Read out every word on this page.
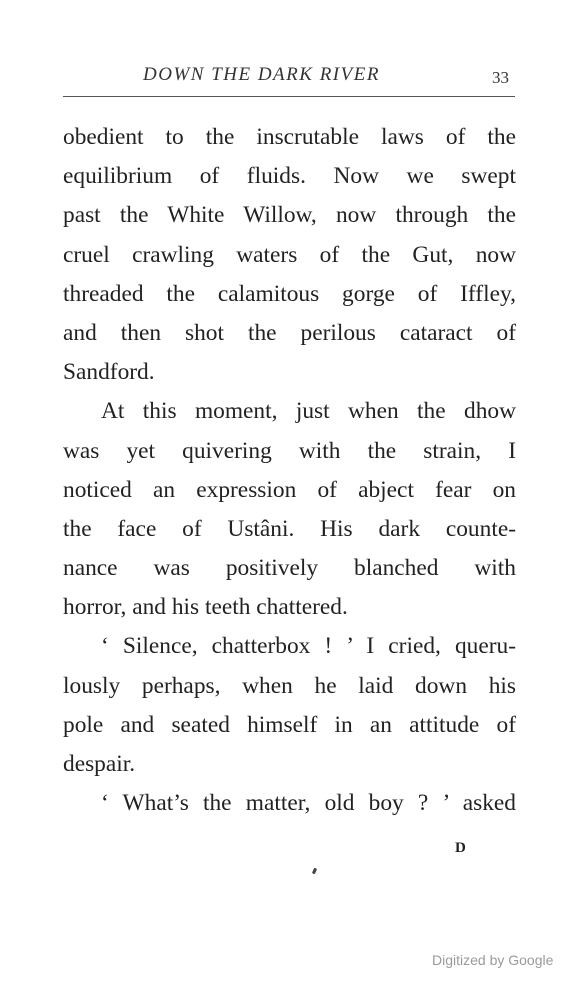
DOWN THE DARK RIVER	33
obedient to the inscrutable laws of the
equilibrium of fluids. Now we swept
past the White Willow, now through the
cruel crawling waters of the Gut, now
threaded the calamitous gorge of Iffley,
and then shot the perilous cataract of
Sandford.
At this moment, just when the dhow
was yet quivering with the strain, I
noticed an expression of abject fear on
the face of Ustâni. His dark counte-
nance was positively blanched with
horror, and his teeth chattered.
‘ Silence, chatterbox ! ’ I cried, queru-
lously perhaps, when he laid down his
pole and seated himself in an attitude of
despair.
‘ What’s the matter, old boy ? ’ asked
D
Digitized by Google
